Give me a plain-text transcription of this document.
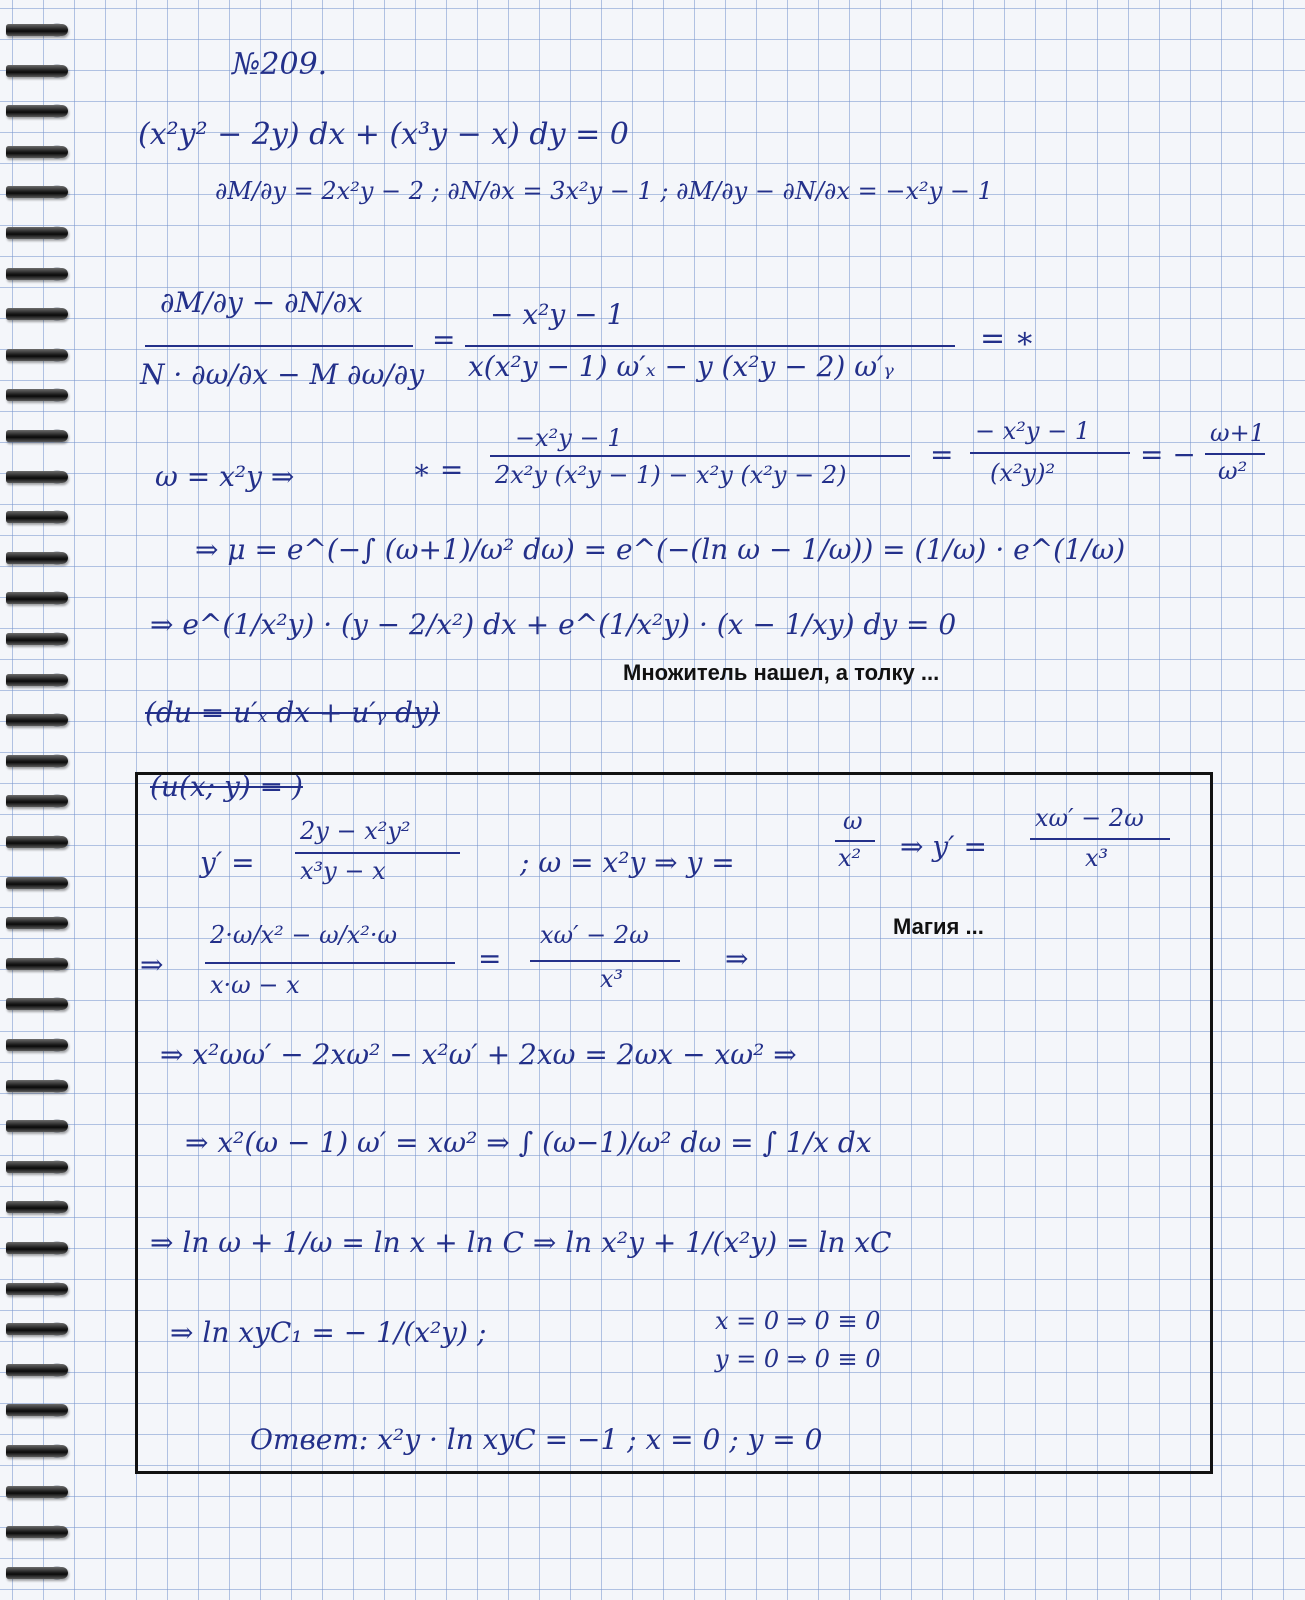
№209.

(x²y² − 2y) dx + (x³y − x) dy = 0

∂M/∂y = 2x²y − 2 ; ∂N/∂x = 3x²y − 1 ; ∂M/∂y − ∂N/∂x = −x²y − 1

∂M/∂y − ∂N/∂x

N · ∂ω/∂x − M ∂ω/∂y

=

− x²y − 1

x(x²y − 1) ω′ₓ − y (x²y − 2) ω′ᵧ

= ∗

ω = x²y ⇒	∗ =

−x²y − 1

2x²y (x²y − 1) − x²y (x²y − 2)

=

− x²y − 1

(x²y)²

= −

ω+1

ω²

⇒ μ = e^(−∫ (ω+1)/ω² dω) = e^(−(ln ω − 1/ω)) = (1/ω) · e^(1/ω)

⇒ e^(1/x²y) · (y − 2/x²) dx + e^(1/x²y) · (x − 1/xy) dy = 0

Множитель нашел, а толку ...

(du = u′ₓ dx + u′ᵧ dy)

(u(x; y) = )

y′ =

2y − x²y²

x³y − x	; ω = x²y ⇒ y =

ω

x² ⇒ y′ =

xω′ − 2ω

x³

Магия ...

⇒

2·ω/x² − ω/x²·ω

x·ω − x

=

xω′ − 2ω

x³

⇒

⇒ x²ωω′ − 2xω² − x²ω′ + 2xω = 2ωx − xω² ⇒

⇒ x²(ω − 1) ω′ = xω² ⇒ ∫ (ω−1)/ω² dω = ∫ 1/x dx

⇒ ln ω + 1/ω = ln x + ln C ⇒ ln x²y + 1/(x²y) = ln xC

⇒ ln xyC₁ = − 1/(x²y) ;	x = 0 ⇒ 0 ≡ 0

y = 0 ⇒ 0 ≡ 0

Ответ: x²y · ln xyC = −1 ; x = 0 ; y = 0
